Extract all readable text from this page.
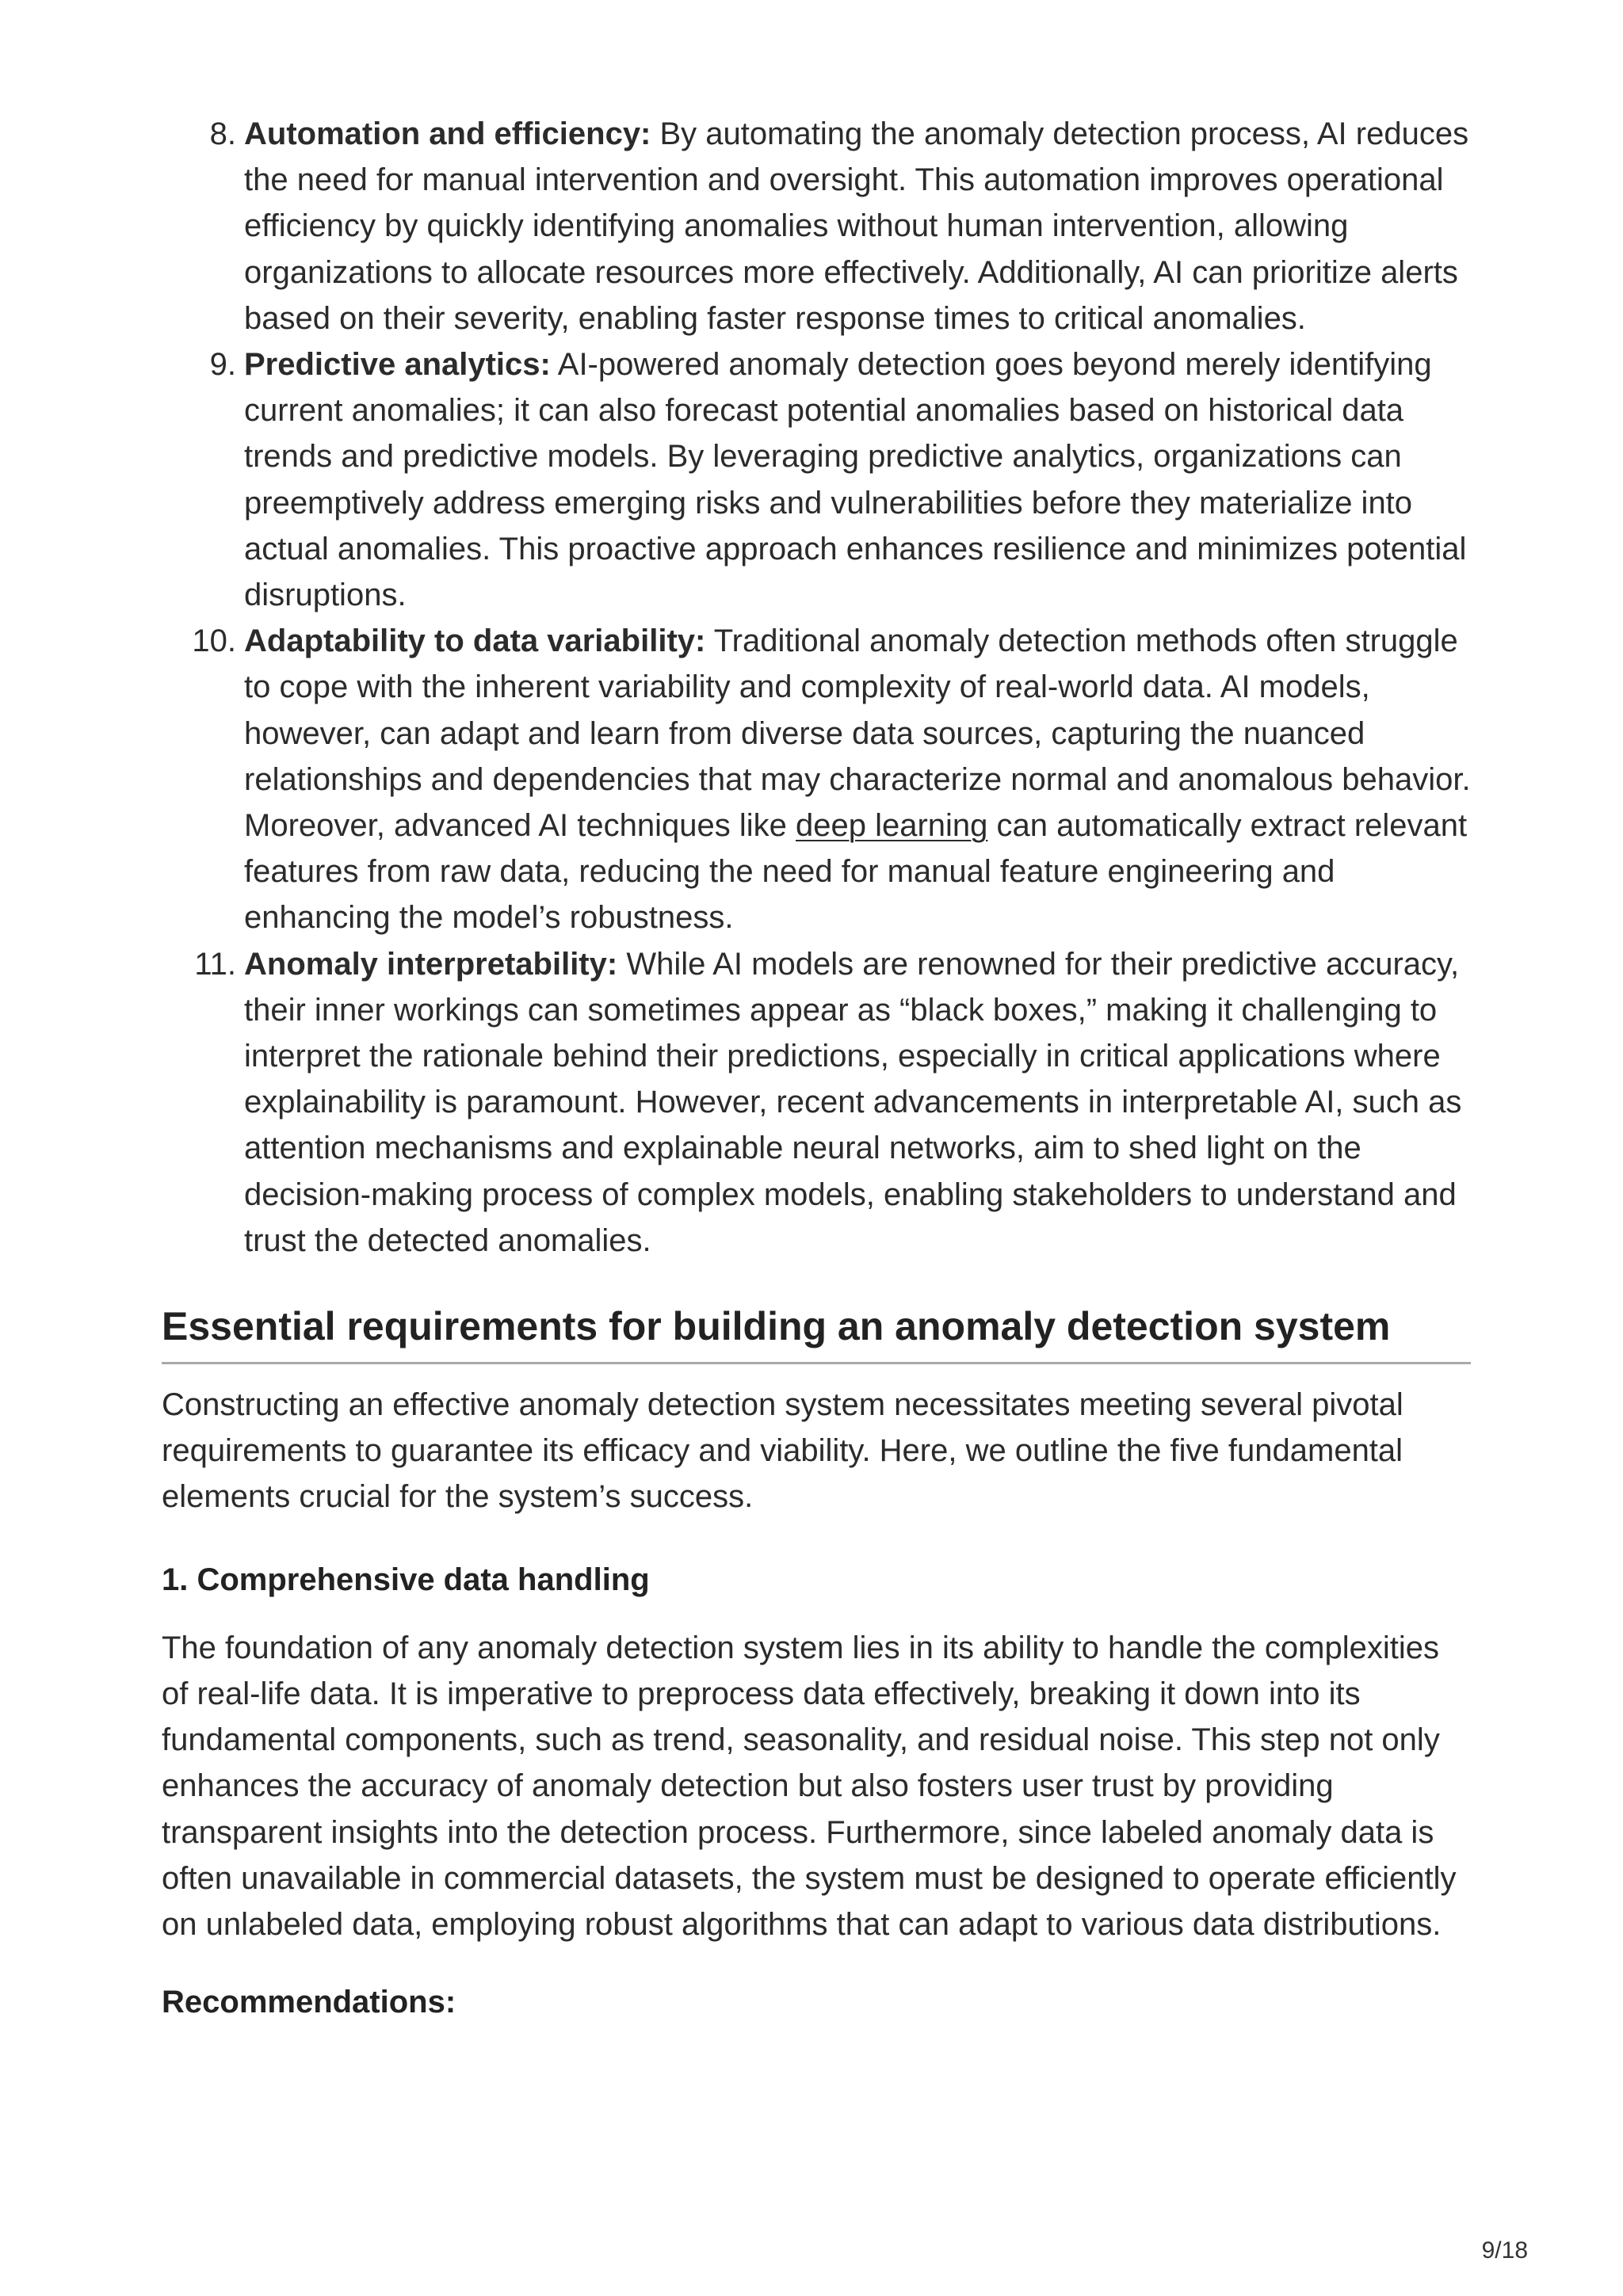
8. Automation and efficiency: By automating the anomaly detection process, AI reduces the need for manual intervention and oversight. This automation improves operational efficiency by quickly identifying anomalies without human intervention, allowing organizations to allocate resources more effectively. Additionally, AI can prioritize alerts based on their severity, enabling faster response times to critical anomalies.
9. Predictive analytics: AI-powered anomaly detection goes beyond merely identifying current anomalies; it can also forecast potential anomalies based on historical data trends and predictive models. By leveraging predictive analytics, organizations can preemptively address emerging risks and vulnerabilities before they materialize into actual anomalies. This proactive approach enhances resilience and minimizes potential disruptions.
10. Adaptability to data variability: Traditional anomaly detection methods often struggle to cope with the inherent variability and complexity of real-world data. AI models, however, can adapt and learn from diverse data sources, capturing the nuanced relationships and dependencies that may characterize normal and anomalous behavior. Moreover, advanced AI techniques like deep learning can automatically extract relevant features from raw data, reducing the need for manual feature engineering and enhancing the model’s robustness.
11. Anomaly interpretability: While AI models are renowned for their predictive accuracy, their inner workings can sometimes appear as “black boxes,” making it challenging to interpret the rationale behind their predictions, especially in critical applications where explainability is paramount. However, recent advancements in interpretable AI, such as attention mechanisms and explainable neural networks, aim to shed light on the decision-making process of complex models, enabling stakeholders to understand and trust the detected anomalies.
Essential requirements for building an anomaly detection system

Constructing an effective anomaly detection system necessitates meeting several pivotal requirements to guarantee its efficacy and viability. Here, we outline the five fundamental elements crucial for the system’s success.

1. Comprehensive data handling

The foundation of any anomaly detection system lies in its ability to handle the complexities of real-life data. It is imperative to preprocess data effectively, breaking it down into its fundamental components, such as trend, seasonality, and residual noise. This step not only enhances the accuracy of anomaly detection but also fosters user trust by providing transparent insights into the detection process. Furthermore, since labeled anomaly data is often unavailable in commercial datasets, the system must be designed to operate efficiently on unlabeled data, employing robust algorithms that can adapt to various data distributions.

Recommendations:
9/18
